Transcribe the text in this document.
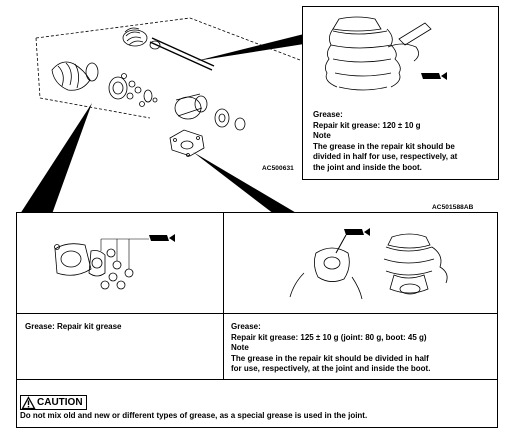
Grease:
Repair kit grease: 120 ± 10 g
Note
The grease in the repair kit should be
divided in half for use, respectively, at
the joint and inside the boot.
AC500631
AC501588AB
Grease: Repair kit grease	Grease:
Repair kit grease: 125 ± 10 g (joint: 80 g, boot: 45 g)
Note
The grease in the repair kit should be divided in half
for use, respectively, at the joint and inside the boot.
CAUTION
Do not mix old and new or different types of grease, as a special grease is used in the joint.
